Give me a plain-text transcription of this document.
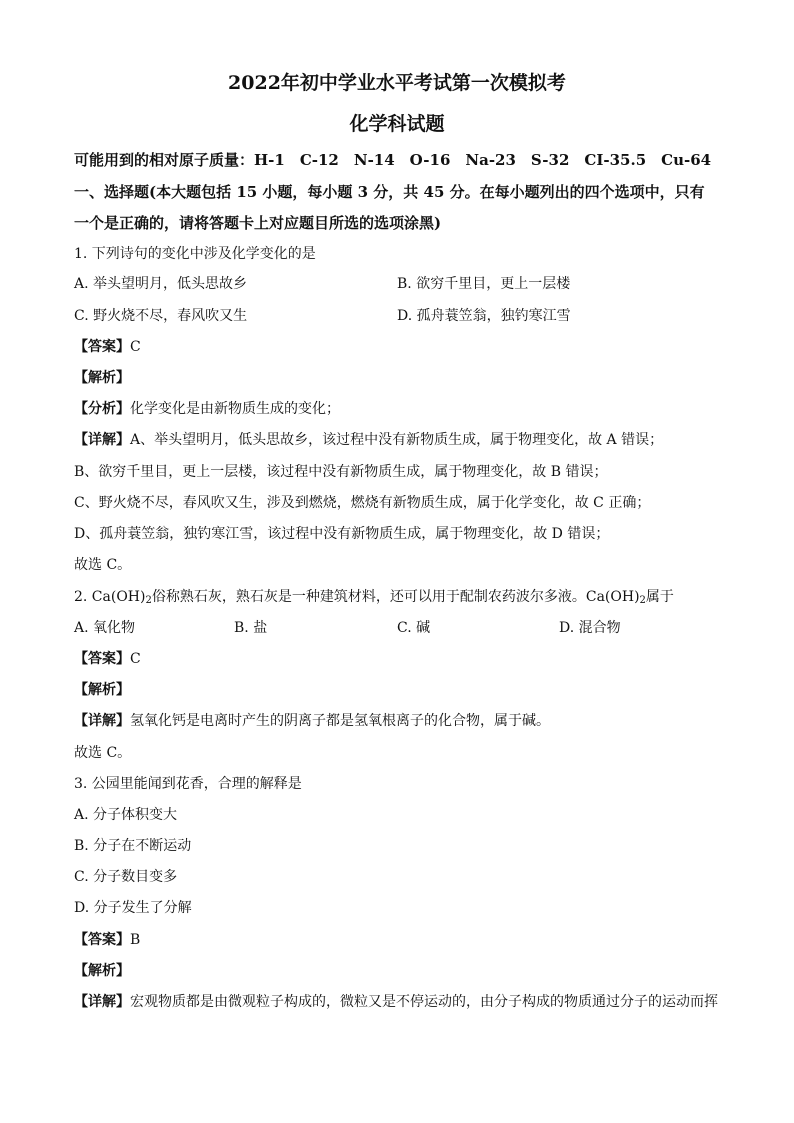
2022年初中学业水平考试第一次模拟考
化学科试题
可能用到的相对原子质量：H-1　C-12　N-14　O-16　Na-23　S-32　CI-35.5　Cu-64
一、选择题(本大题包括 15 小题，每小题 3 分，共 45 分。在每小题列出的四个选项中，只有
一个是正确的，请将答题卡上对应题目所选的选项涂黑)
1. 下列诗句的变化中涉及化学变化的是
A. 举头望明月，低头思故乡	B. 欲穷千里目，更上一层楼
C. 野火烧不尽，春风吹又生	D. 孤舟蓑笠翁，独钓寒江雪
【答案】C
【解析】
【分析】化学变化是由新物质生成的变化；
【详解】A、举头望明月，低头思故乡，该过程中没有新物质生成，属于物理变化，故 A 错误；
B、欲穷千里目，更上一层楼，该过程中没有新物质生成，属于物理变化，故 B 错误；
C、野火烧不尽，春风吹又生，涉及到燃烧，燃烧有新物质生成，属于化学变化，故 C 正确；
D、孤舟蓑笠翁，独钓寒江雪，该过程中没有新物质生成，属于物理变化，故 D 错误；
故选 C。
2. $Ca(OH)_2$俗称熟石灰，熟石灰是一种建筑材料，还可以用于配制农药波尔多液。$Ca(OH)_2$属于
A. 氧化物	B. 盐	C. 碱	D. 混合物
【答案】C
【解析】
【详解】氢氧化钙是电离时产生的阴离子都是氢氧根离子的化合物，属于碱。
故选 C。
3. 公园里能闻到花香，合理的解释是
A. 分子体积变大
B. 分子在不断运动
C. 分子数目变多
D. 分子发生了分解
【答案】B
【解析】
【详解】宏观物质都是由微观粒子构成的，微粒又是不停运动的，由分子构成的物质通过分子的运动而挥
